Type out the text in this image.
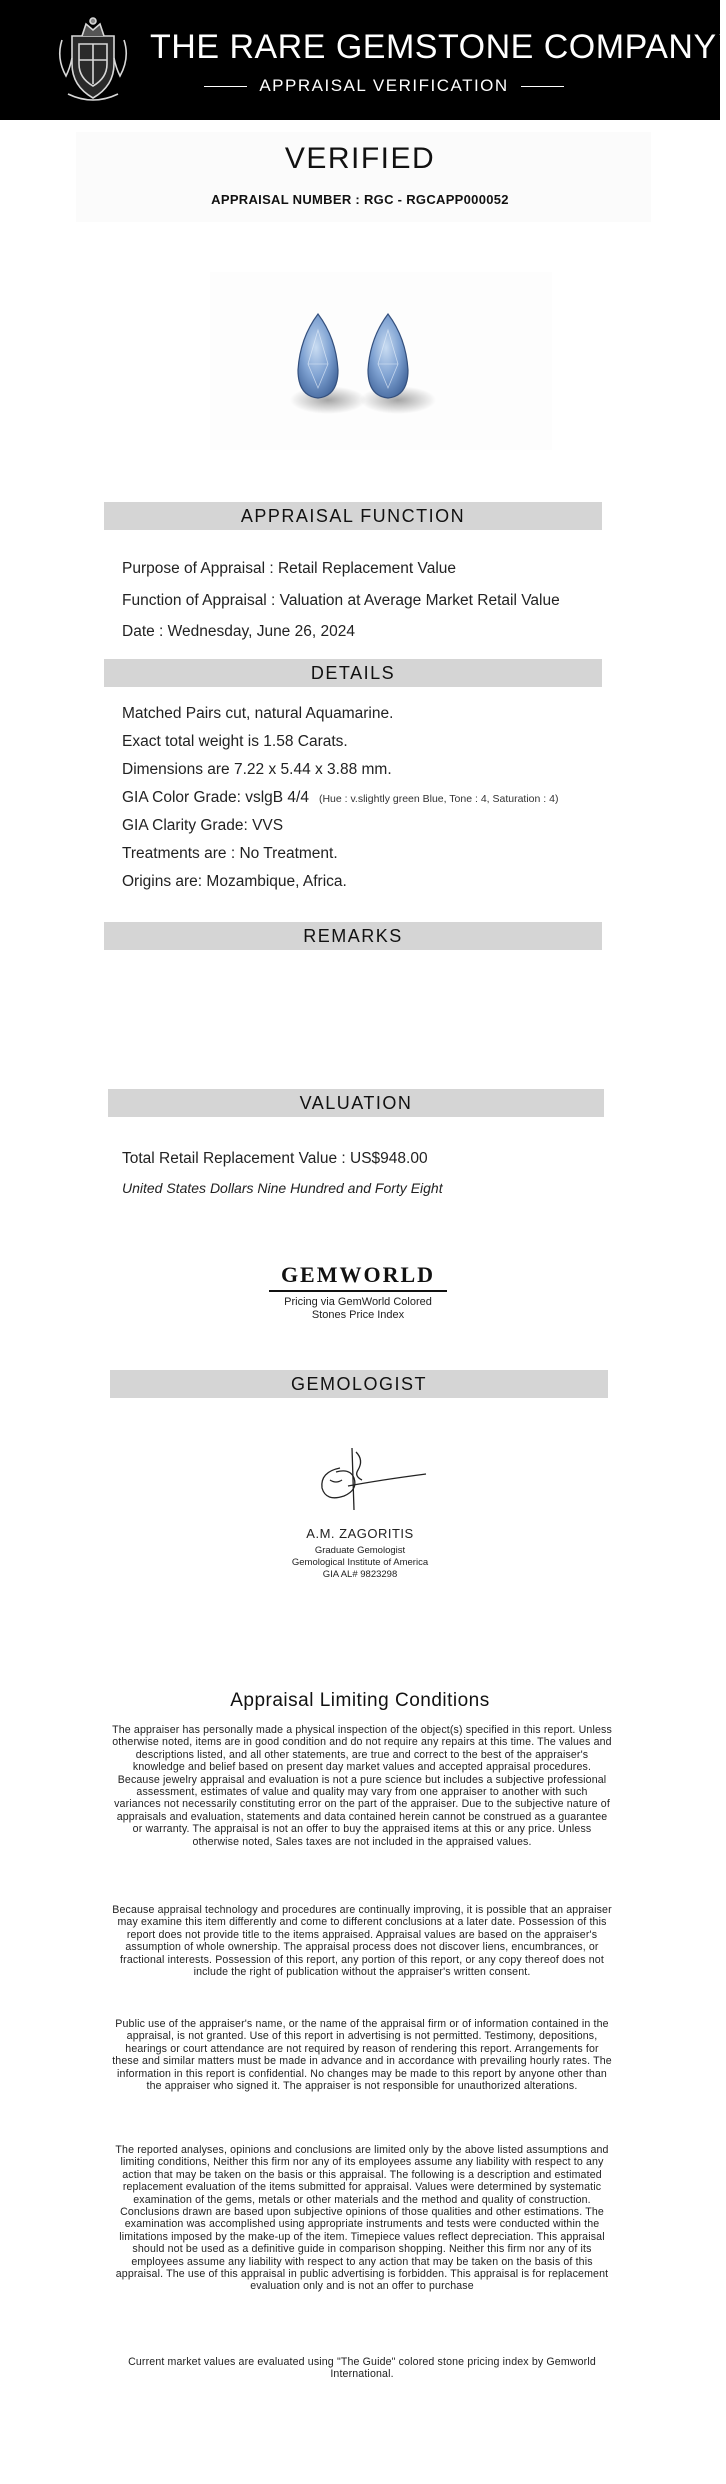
THE RARE GEMSTONE COMPANY ™
APPRAISAL VERIFICATION
VERIFIED
APPRAISAL NUMBER : RGC - RGCAPP000052
APPRAISAL FUNCTION
Purpose of Appraisal : Retail Replacement Value
Function of Appraisal : Valuation at Average Market Retail Value
Date : Wednesday, June 26, 2024
DETAILS
Matched Pairs cut, natural Aquamarine.
Exact total weight is 1.58 Carats.
Dimensions are 7.22 x 5.44 x 3.88 mm.
GIA Color Grade: vslgB 4/4 (Hue : v.slightly green Blue, Tone : 4, Saturation : 4)
GIA Clarity Grade: VVS
Treatments are : No Treatment.
Origins are: Mozambique, Africa.
REMARKS
VALUATION
Total Retail Replacement Value : US$948.00
United States Dollars Nine Hundred and Forty Eight
GEMWORLD
Pricing via GemWorld Colored
Stones Price Index
GEMOLOGIST
A.M. ZAGORITIS
Graduate Gemologist
Gemological Institute of America
GIA AL# 9823298
Appraisal Limiting Conditions
The appraiser has personally made a physical inspection of the object(s) specified in this report. Unless otherwise noted, items are in good condition and do not require any repairs at this time. The values and descriptions listed, and all other statements, are true and correct to the best of the appraiser's knowledge and belief based on present day market values and accepted appraisal procedures. Because jewelry appraisal and evaluation is not a pure science but includes a subjective professional assessment, estimates of value and quality may vary from one appraiser to another with such variances not necessarily constituting error on the part of the appraiser. Due to the subjective nature of appraisals and evaluation, statements and data contained herein cannot be construed as a guarantee or warranty. The appraisal is not an offer to buy the appraised items at this or any price. Unless otherwise noted, Sales taxes are not included in the appraised values.
Because appraisal technology and procedures are continually improving, it is possible that an appraiser may examine this item differently and come to different conclusions at a later date. Possession of this report does not provide title to the items appraised. Appraisal values are based on the appraiser's assumption of whole ownership. The appraisal process does not discover liens, encumbrances, or fractional interests. Possession of this report, any portion of this report, or any copy thereof does not include the right of publication without the appraiser's written consent.
Public use of the appraiser's name, or the name of the appraisal firm or of information contained in the appraisal, is not granted. Use of this report in advertising is not permitted. Testimony, depositions, hearings or court attendance are not required by reason of rendering this report. Arrangements for these and similar matters must be made in advance and in accordance with prevailing hourly rates. The information in this report is confidential. No changes may be made to this report by anyone other than the appraiser who signed it. The appraiser is not responsible for unauthorized alterations.
The reported analyses, opinions and conclusions are limited only by the above listed assumptions and limiting conditions, Neither this firm nor any of its employees assume any liability with respect to any action that may be taken on the basis or this appraisal. The following is a description and estimated replacement evaluation of the items submitted for appraisal. Values were determined by systematic examination of the gems, metals or other materials and the method and quality of construction. Conclusions drawn are based upon subjective opinions of those qualities and other estimations. The examination was accomplished using appropriate instruments and tests were conducted within the limitations imposed by the make-up of the item. Timepiece values reflect depreciation. This appraisal should not be used as a definitive guide in comparison shopping. Neither this firm nor any of its employees assume any liability with respect to any action that may be taken on the basis of this appraisal. The use of this appraisal in public advertising is forbidden. This appraisal is for replacement evaluation only and is not an offer to purchase
Current market values are evaluated using "The Guide" colored stone pricing index by Gemworld International.
